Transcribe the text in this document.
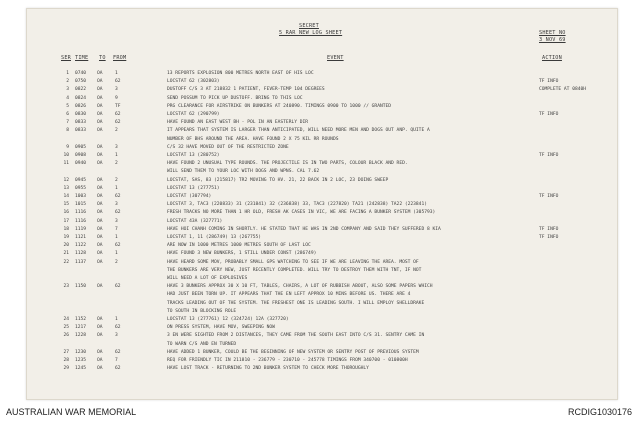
SECRET
5 RAR NEW LOG SHEET	SHEET NO
3 NOV 69
SER TIME TO FROM	EVENT	ACTION
1 0740 OA	1	13 REPORTS EXPLOSION 800 METRES NORTH EAST OF HIS LOC
2 0750 OA	62	LOCSTAT 62 (302803)	TF INFO
3 0822 OA	3	DUSTOFF C/S 3 AT 218832 1 PATIENT, FEVER-TEMP 104 DEGREES	COMPLETE AT 0840H
4 0824 OA	9	SEND POSSUM TO PICK UP DUSTOFF. BRING TO THIS LOC
5 0826 OA	TF	PRG CLEARANCE FOR AIRSTRIKE ON BUNKERS AT 240890. TIMINGS 0900 TO 1000 // GRANTED
6 0830 OA	62	LOCSTAT 62 (290799)	TF INFO
7 0833 OA	62	HAVE FOUND AN EAST WEST BH - POL IN AN EASTERLY DIR
8 0833 OA	2	IT APPEARS THAT SYSTEM IS LARGER THAN ANTICIPATED, WILL NEED MORE MEN AND DOGS OUT ANP. QUITE A
NUMBER OF BHS AROUND THE AREA. HAVE FOUND 2 X 75 KIL RR ROUNDS
9 0905 OA	3	C/S 32 HAVE MOVED OUT OF THE RESTRICTED ZONE
10 0908 OA	1	LOCSTAT 13 (280752)	TF INFO
11 0940 OA	2	HAVE FOUND 2 UNUSUAL TYPE ROUNDS. THE PROJECTILE IS IN TWO PARTS, COLOUR BLACK AND RED.
WILL SEND THEM TO YOUR LOC WITH DOGS AND WPNS. CAL 7.62
12 0945 OA	2	LOCSTAT, SAS, 83 (215817) TR2 MOVING TO HV. 21, 22 BACK IN 2 LOC, 23 DOING SWEEP
13 0955 OA	1	LOCSTAT 13 (277751)
14 1003 OA	62	LOCSTAT (307794)	TF INFO
15 1015 OA	3	LOCSTAT 3, TAC3 (220833) 31 (231841) 32 (236838) 33, TAC3 (227820) TA21 (242838) TA22 (223841)
16 1116 OA	62	FRESH TRACKS NO MORE THAN 1 HR OLD, FRESH AK CASES IN VIC, WE ARE FACING A BUNKER SYSTEM (305793)
17 1116 OA	3	LOCSTAT 43A (327771)
18 1119 OA	7	HAVE HOI CHANH COMING IN SHORTLY. HE STATED THAT HE WAS IN 2ND COMPANY AND SAID THEY SUFFERED 8 KIA	TF INFO
19 1121 OA	1	LOCSTAT 1, 11 (286749) 13 (267755)	TF INFO
20 1122 OA	62	ARE NOW IN 1000 METRES 1000 METRES SOUTH OF LAST LOC
21 1128 OA	1	HAVE FOUND 3 NEW BUNKERS, 1 STILL UNDER CONST (286749)
22 1137 OA	2	HAVE HEARD SOME MOV, PROBABLY SMALL GPS WATCHING TO SEE IF WE ARE LEAVING THE AREA. MOST OF
THE BUNKERS ARE VERY NEW, JUST RECENTLY COMPLETED. WILL TRY TO DESTROY THEM WITH TNT, IF NOT
WILL NEED A LOT OF EXPLOSIVES
23 1150 OA	62	HAVE 3 BUNKERS APPROX 30 X 10 FT, TABLES, CHAIRS, A LOT OF RUBBISH ABOUT, ALSO SOME PAPERS WHICH
HAD JUST BEEN TORN UP. IT APPEARS THAT THE EN LEFT APPROX 10 MINS BEFORE US. THERE ARE 4
TRACKS LEADING OUT OF THE SYSTEM. THE FRESHEST ONE IS LEADING SOUTH. I WILL EMPLOY SHELLDRAKE
TO SOUTH IN BLOCKING ROLE
24 1152 OA	1	LOCSTAT 13 (277761) 12 (324724) 12A (327720)
25 1217 OA	62	ON PRESS SYSTEM, HAVE MOV, SWEEPING NOW
26 1228 OA	3	3 EN WERE SIGHTED FROM 2 DISTANCES, THEY CAME FROM THE SOUTH EAST INTO C/S 31. SENTRY CAME IN
TO WARN C/S AND EN TURNED
27 1230 OA	62	HAVE ADDED 1 BUNKER, COULD BE THE BEGINNING OF NEW SYSTEM OR SENTRY POST OF PREVIOUS SYSTEM
28 1235 OA	7	REQ FOR FRIENDLY TIC IN 211810 - 236779 - 230710 - 245778 TIMINGS FROM 340700 - 010800H
29 1245 OA	62	HAVE LOST TRACK - RETURNING TO 2ND BUNKER SYSTEM TO CHECK MORE THOROUGHLY
AUSTRALIAN WAR MEMORIAL	RCDIG1030176
